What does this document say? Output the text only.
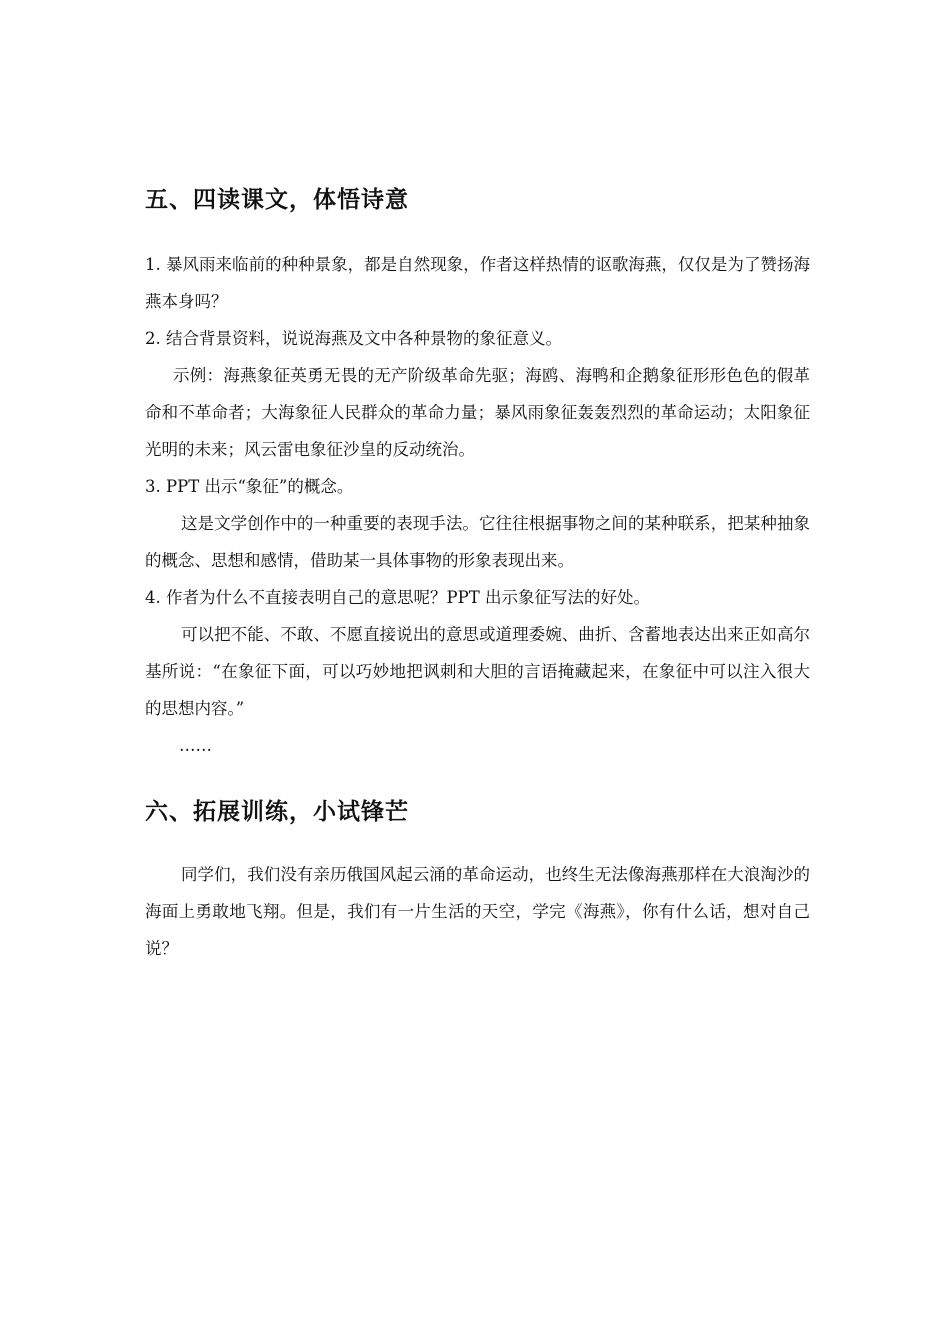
五、四读课文，体悟诗意

1. 暴风雨来临前的种种景象，都是自然现象，作者这样热情的讴歌海燕，仅仅是为了赞扬海燕本身吗？

2. 结合背景资料，说说海燕及文中各种景物的象征意义。

示例：海燕象征英勇无畏的无产阶级革命先驱；海鸥、海鸭和企鹅象征形形色色的假革命和不革命者；大海象征人民群众的革命力量；暴风雨象征轰轰烈烈的革命运动；太阳象征光明的未来；风云雷电象征沙皇的反动统治。

3. PPT 出示“象征”的概念。

这是文学创作中的一种重要的表现手法。它往往根据事物之间的某种联系，把某种抽象的概念、思想和感情，借助某一具体事物的形象表现出来。

4. 作者为什么不直接表明自己的意思呢？PPT 出示象征写法的好处。

可以把不能、不敢、不愿直接说出的意思或道理委婉、曲折、含蓄地表达出来正如高尔基所说：“在象征下面，可以巧妙地把讽刺和大胆的言语掩藏起来，在象征中可以注入很大的思想内容。”

……

六、拓展训练，小试锋芒

同学们，我们没有亲历俄国风起云涌的革命运动，也终生无法像海燕那样在大浪淘沙的海面上勇敢地飞翔。但是，我们有一片生活的天空，学完《海燕》，你有什么话，想对自己说？
